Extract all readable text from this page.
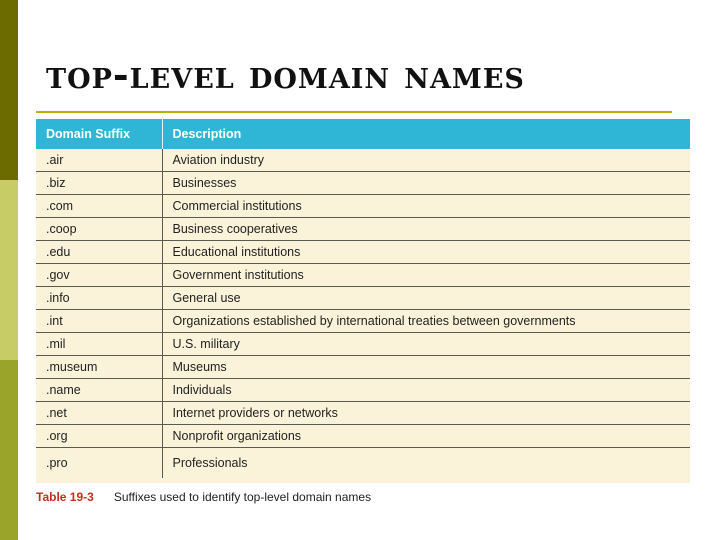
top-level domain names
Domain Suffix	Description
.air	Aviation industry
.biz	Businesses
.com	Commercial institutions
.coop	Business cooperatives
.edu	Educational institutions
.gov	Government institutions
.info	General use
.int	Organizations established by international treaties between governments
.mil	U.S. military
.museum	Museums
.name	Individuals
.net	Internet providers or networks
.org	Nonprofit organizations
.pro	Professionals
Table 19-3 Suffixes used to identify top-level domain names
